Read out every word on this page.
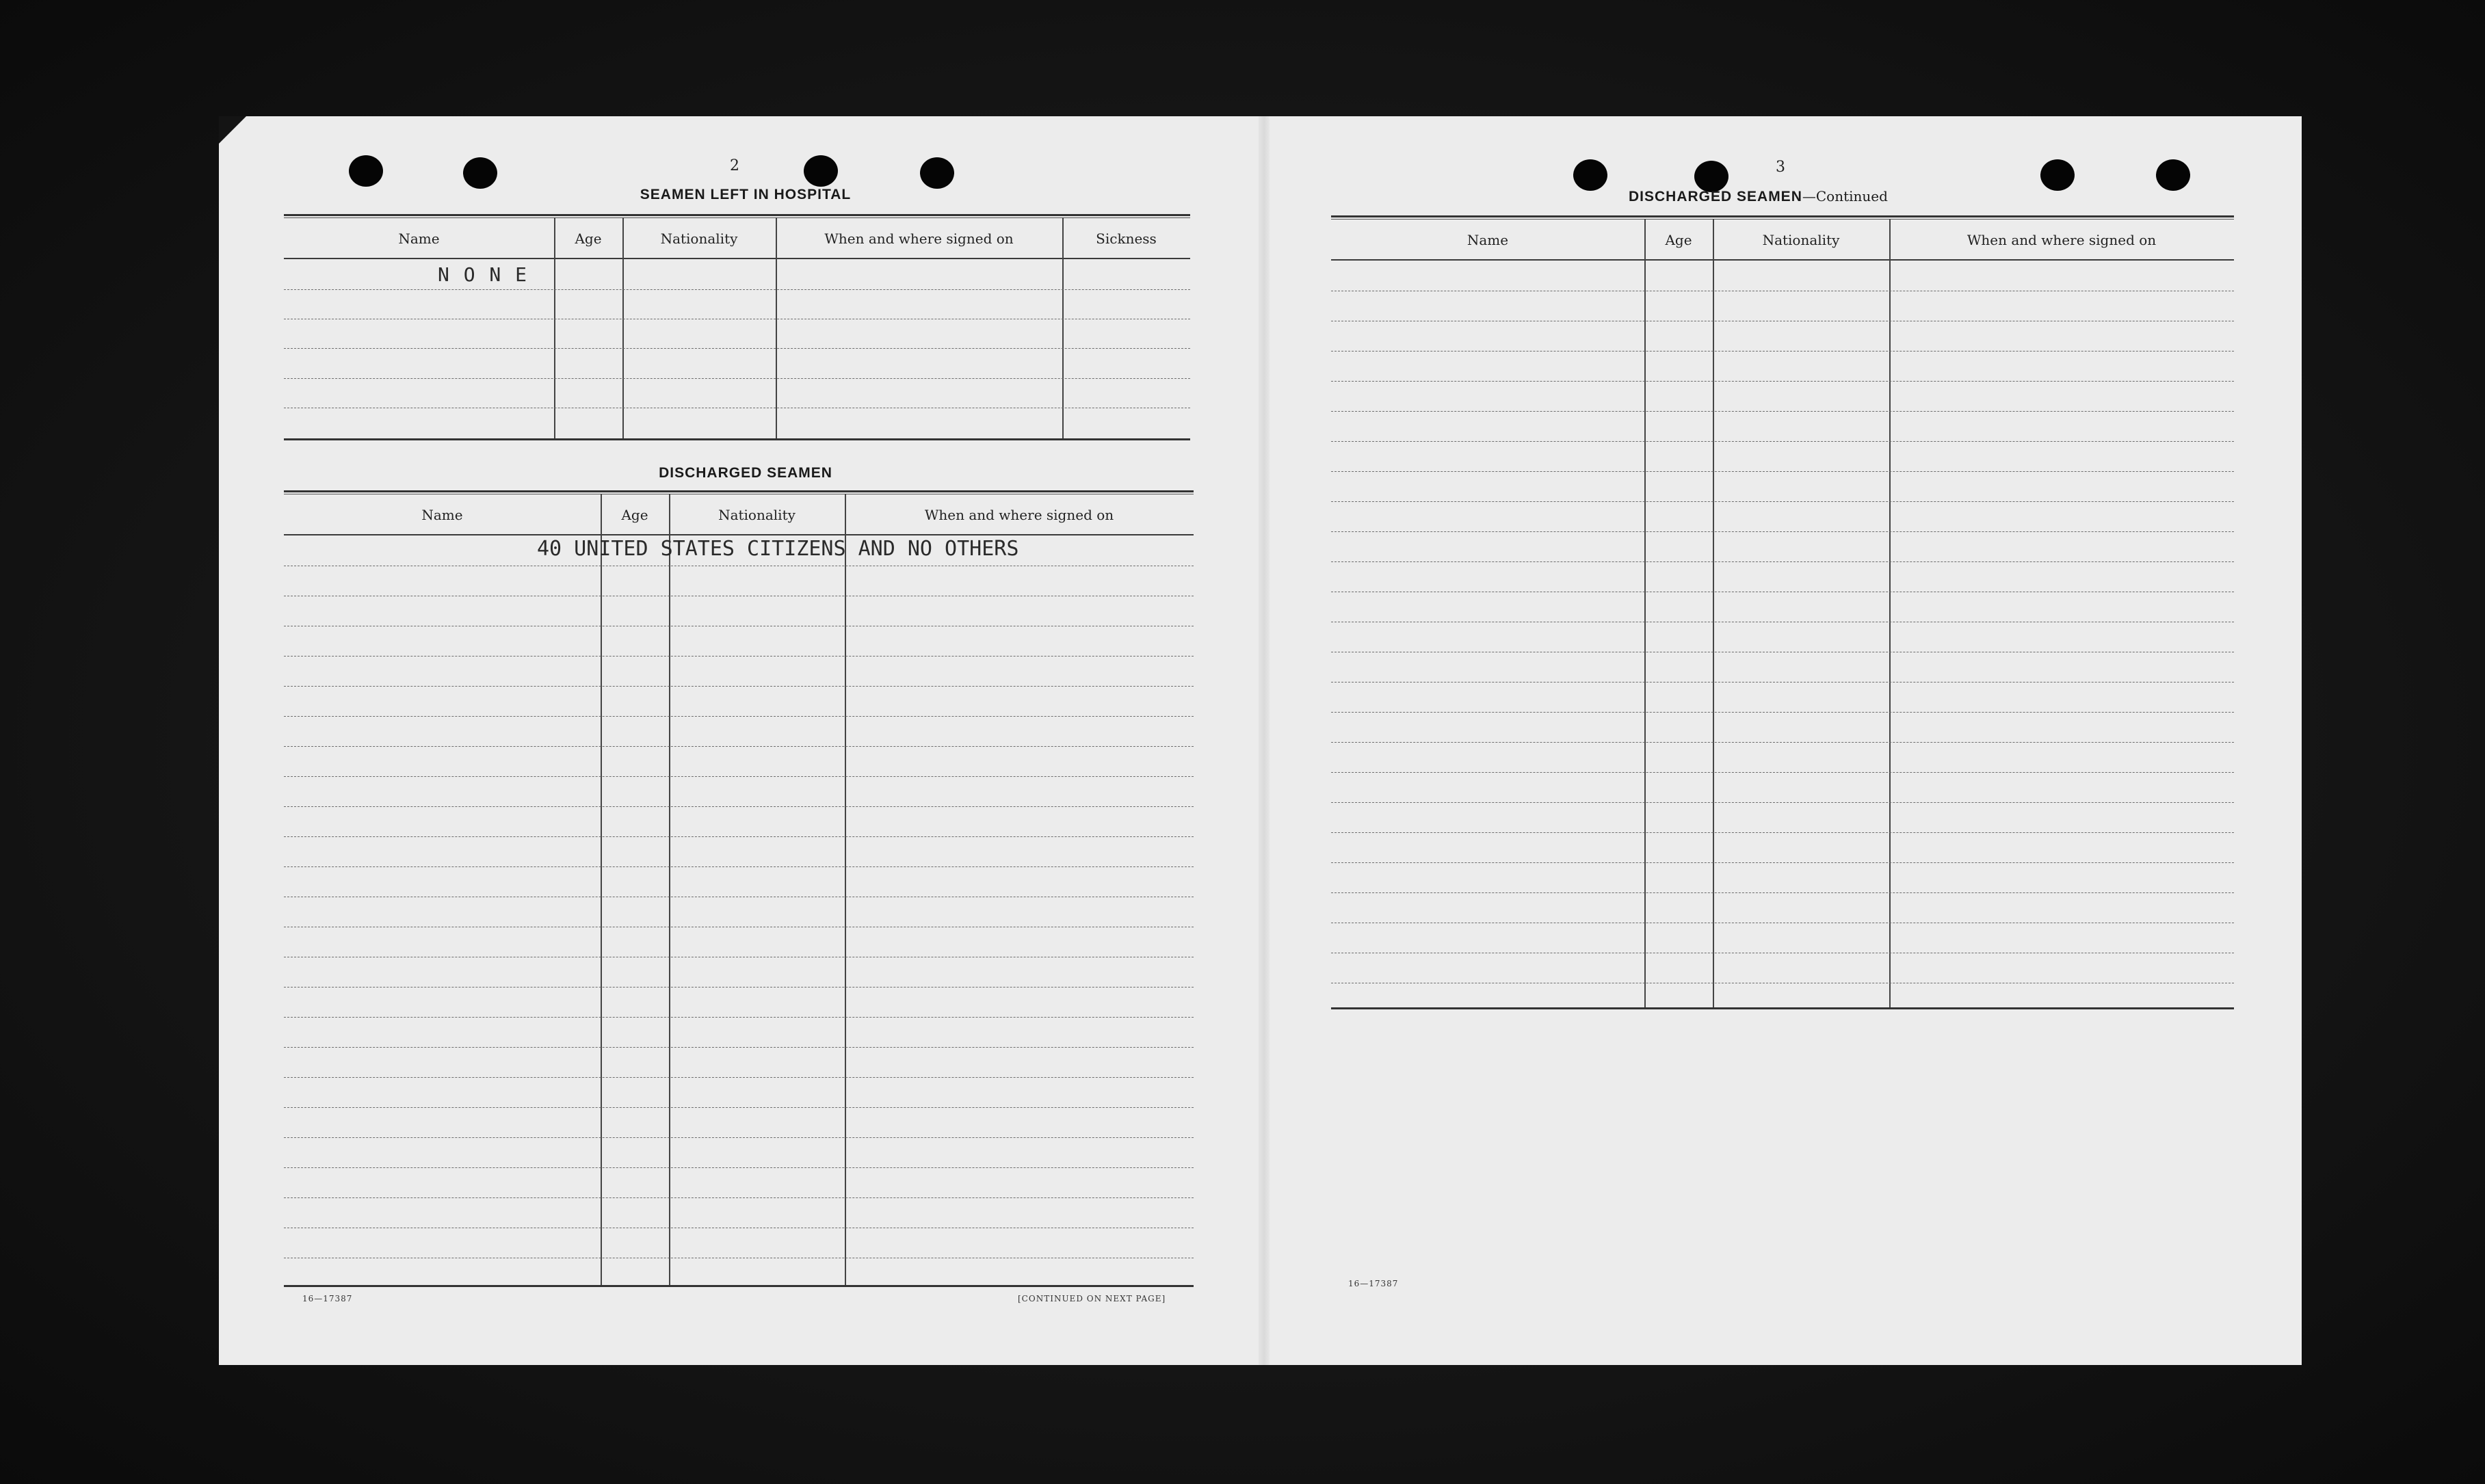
2
SEAMEN LEFT IN HOSPITAL
Name	Age	Nationality	When and where signed on	Sickness
N O N E
DISCHARGED SEAMEN
Name	Age	Nationality	When and where signed on
40 UNITED STATES CITIZENS AND NO OTHERS
16—17387	[CONTINUED ON NEXT PAGE]
3
DISCHARGED SEAMEN—Continued
Name	Age	Nationality	When and where signed on
16—17387
